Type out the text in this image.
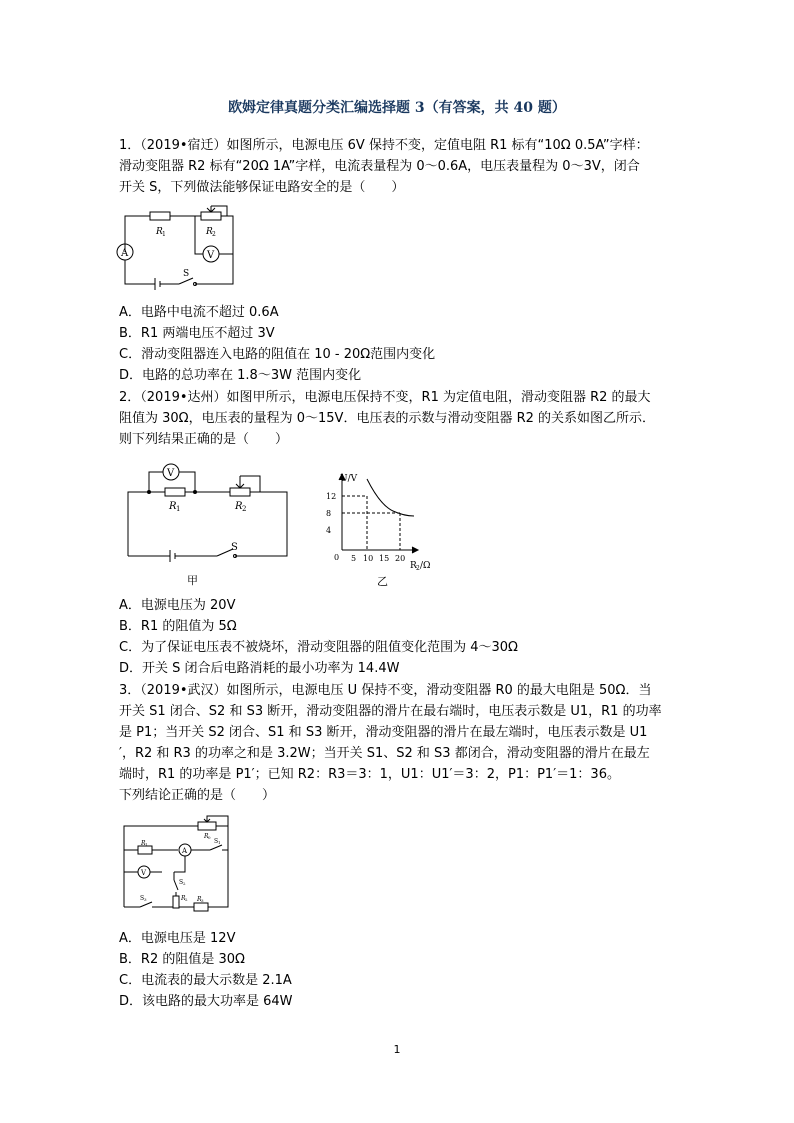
欧姆定律真题分类汇编选择题 3（有答案，共 40 题）
1．（2019•宿迁）如图所示，电源电压 6V 保持不变，定值电阻 R1 标有“10Ω 0.5A”字样：
滑动变阻器 R2 标有“20Ω 1A”字样，电流表量程为 0～0.6A，电压表量程为 0～3V，闭合
开关 S，下列做法能够保证电路安全的是（　　）
R 1	R 2
A	V
S
A．电路中电流不超过 0.6A
B．R1 两端电压不超过 3V
C．滑动变阻器连入电路的阻值在 10 - 20Ω范围内变化
D．电路的总功率在 1.8～3W 范围内变化
2．（2019•达州）如图甲所示，电源电压保持不变，R1 为定值电阻，滑动变阻器 R2 的最大
阻值为 30Ω，电压表的量程为 0～15V．电压表的示数与滑动变阻器 R2 的关系如图乙所示．
则下列结果正确的是（　　）
V
R 1	R 2
S
甲
U/V
4
8
12
0 5 10 15 20
R 2 /Ω
乙
A．电源电压为 20V
B．R1 的阻值为 5Ω
C．为了保证电压表不被烧坏，滑动变阻器的阻值变化范围为 4～30Ω
D．开关 S 闭合后电路消耗的最小功率为 14.4W
3．（2019•武汉）如图所示，电源电压 U 保持不变，滑动变阻器 R0 的最大电阻是 50Ω．当
开关 S1 闭合、S2 和 S3 断开，滑动变阻器的滑片在最右端时，电压表示数是 U1，R1 的功率
是 P1；当开关 S2 闭合、S1 和 S3 断开，滑动变阻器的滑片在最左端时，电压表示数是 U1
′，R2 和 R3 的功率之和是 3.2W；当开关 S1、S2 和 S3 都闭合，滑动变阻器的滑片在最左
端时，R1 的功率是 P1′；已知 R2：R3＝3：1，U1：U1′＝3：2，P1：P1′＝1：36。
下列结论正确的是（　　）
R 0
R 1
A
S 1
V
S 2
R 2
S 3	R 3
A．电源电压是 12V
B．R2 的阻值是 30Ω
C．电流表的最大示数是 2.1A
D．该电路的最大功率是 64W
1
